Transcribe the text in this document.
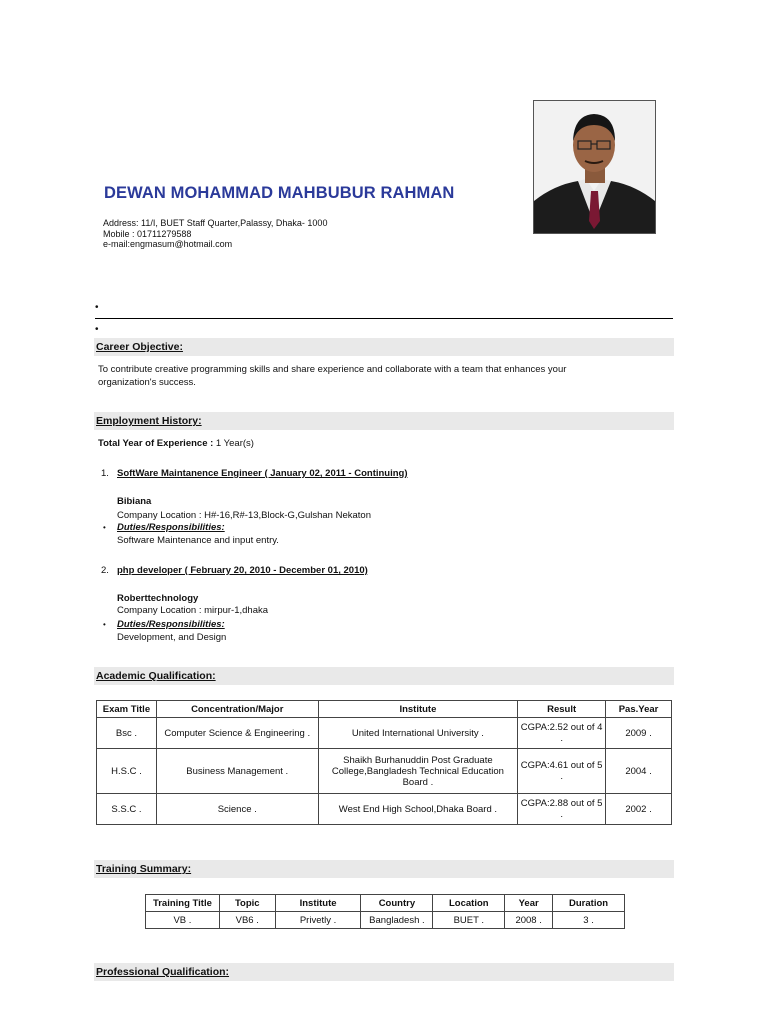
DEWAN MOHAMMAD MAHBUBUR RAHMAN
Address: 11/I, BUET Staff Quarter,Palassy, Dhaka- 1000
Mobile : 01711279588
e-mail:engmasum@hotmail.com
•
•
Career Objective:
To contribute creative programming skills and share experience and collaborate with a team that enhances your
organization's success.
Employment History:
Total Year of Experience : 1 Year(s)
1. SoftWare Maintanence Engineer ( January 02, 2011 - Continuing)
Bibiana
Company Location : H#-16,R#-13,Block-G,Gulshan Nekaton
• Duties/Responsibilities:
Software Maintenance and input entry.
2. php developer ( February 20, 2010 - December 01, 2010)
Roberttechnology
Company Location : mirpur-1,dhaka
• Duties/Responsibilities:
Development, and Design
Academic Qualification:
Exam Title	Concentration/Major	Institute	Result	Pas.Year
Bsc .	Computer Science & Engineering .	United International University .	CGPA:2.52 out of 4 .	2009 .
H.S.C .	Business Management .	Shaikh Burhanuddin Post Graduate College,Bangladesh Technical Education Board .	CGPA:4.61 out of 5 .	2004 .
S.S.C .	Science .	West End High School,Dhaka Board .	CGPA:2.88 out of 5 .	2002 .
Training Summary:
Training Title	Topic	Institute	Country	Location	Year	Duration
VB .	VB6 .	Privetly .	Bangladesh .	BUET .	2008 .	3 .
Professional Qualification:
